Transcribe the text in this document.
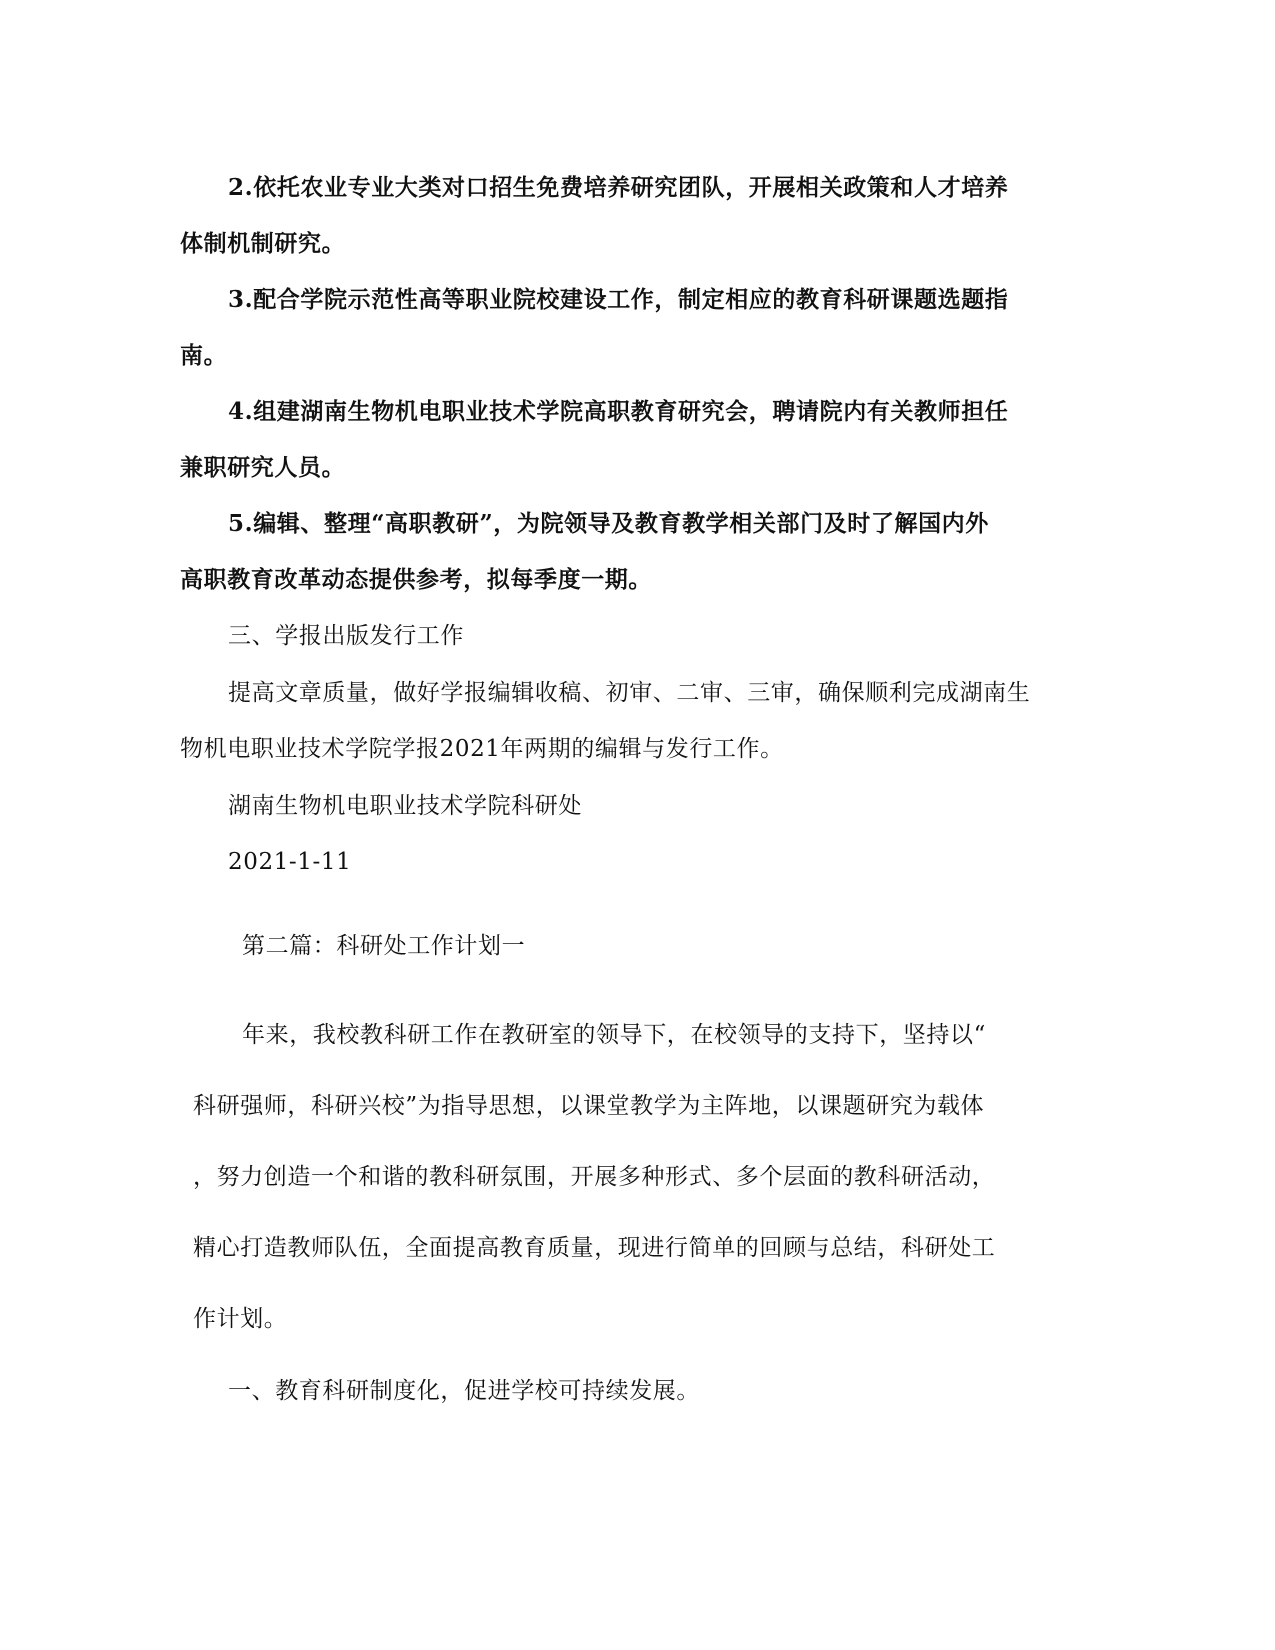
2.依托农业专业大类对口招生免费培养研究团队，开展相关政策和人才培养
体制机制研究。
3.配合学院示范性高等职业院校建设工作，制定相应的教育科研课题选题指
南。
4.组建湖南生物机电职业技术学院高职教育研究会，聘请院内有关教师担任
兼职研究人员。
5.编辑、整理“高职教研”，为院领导及教育教学相关部门及时了解国内外
高职教育改革动态提供参考，拟每季度一期。
三、学报出版发行工作
提高文章质量，做好学报编辑收稿、初审、二审、三审，确保顺利完成湖南生
物机电职业技术学院学报2021年两期的编辑与发行工作。
湖南生物机电职业技术学院科研处
2021-1-11
第二篇：科研处工作计划一
年来，我校教科研工作在教研室的领导下，在校领导的支持下，坚持以“
科研强师，科研兴校”为指导思想，以课堂教学为主阵地，以课题研究为载体
，努力创造一个和谐的教科研氛围，开展多种形式、多个层面的教科研活动，
精心打造教师队伍，全面提高教育质量，现进行简单的回顾与总结，科研处工
作计划。
一、教育科研制度化，促进学校可持续发展。
